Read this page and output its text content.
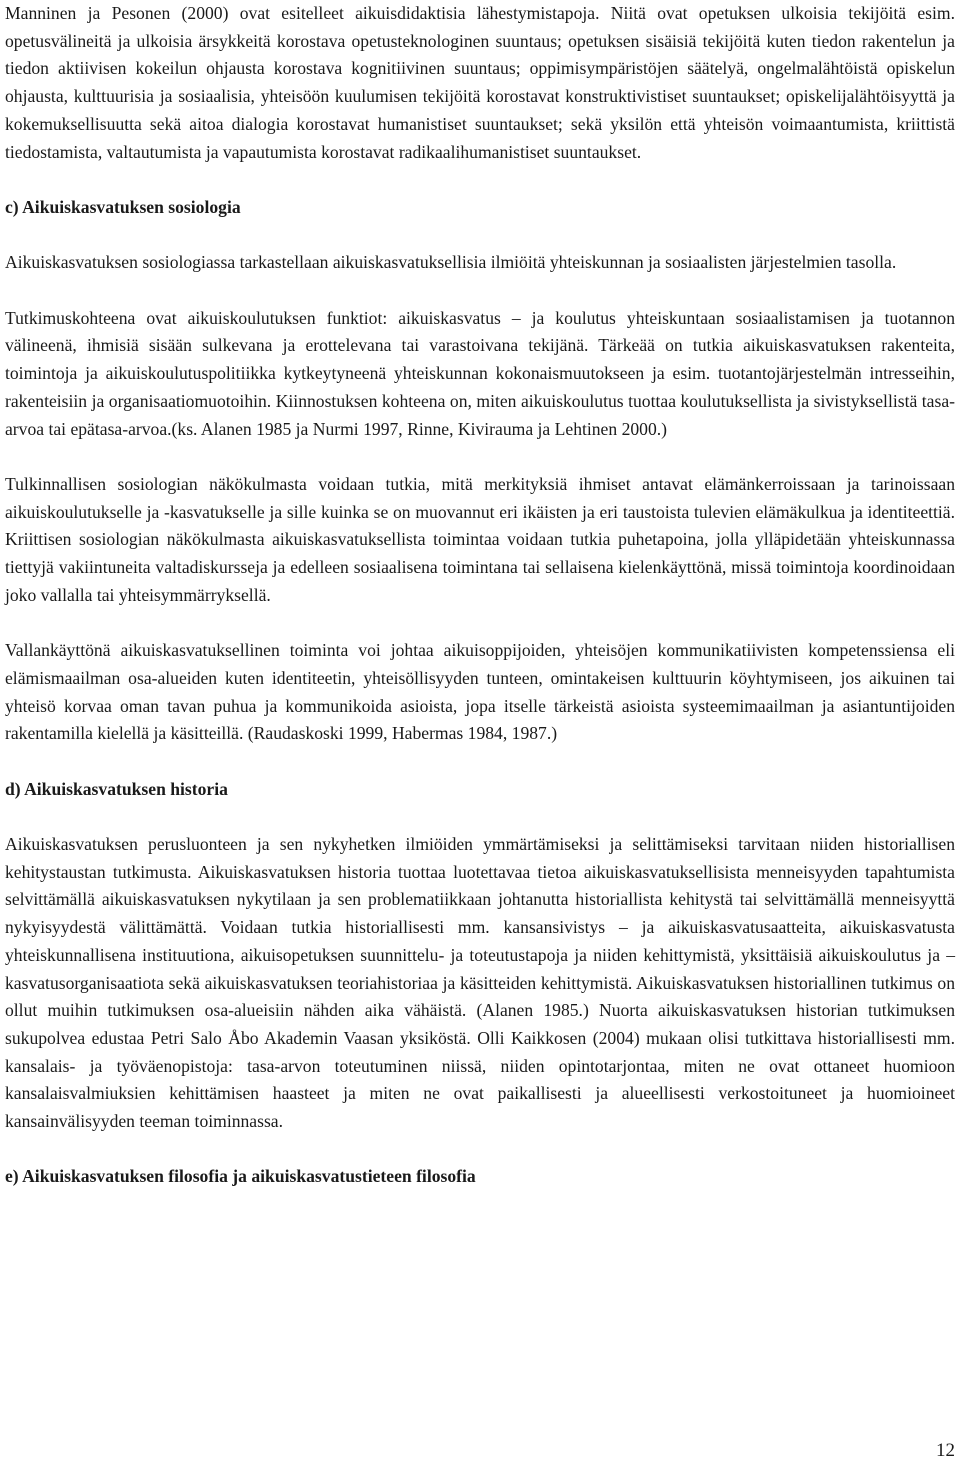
Manninen ja Pesonen (2000) ovat esitelleet aikuisdidaktisia lähestymistapoja. Niitä ovat opetuksen ulkoisia tekijöitä esim. opetusvälineitä ja ulkoisia ärsykkeitä korostava opetusteknologinen suuntaus; opetuksen sisäisiä tekijöitä kuten tiedon rakentelun ja tiedon aktiivisen kokeilun ohjausta korostava kognitiivinen suuntaus; oppimisympäristöjen säätelyä, ongelmalähtöistä opiskelun ohjausta, kulttuurisia ja sosiaalisia, yhteisöön kuulumisen tekijöitä korostavat konstruktivistiset suuntaukset; opiskelijalähtöisyyttä ja kokemuksellisuutta sekä aitoa dialogia korostavat humanistiset suuntaukset; sekä yksilön että yhteisön voimaantumista, kriittistä tiedostamista, valtautumista ja vapautumista korostavat radikaalihumanistiset suuntaukset.

c) Aikuiskasvatuksen sosiologia

Aikuiskasvatuksen sosiologiassa tarkastellaan aikuiskasvatuksellisia ilmiöitä yhteiskunnan ja sosiaalisten järjestelmien tasolla.

Tutkimuskohteena ovat aikuiskoulutuksen funktiot: aikuiskasvatus – ja koulutus yhteiskuntaan sosiaalistamisen ja tuotannon välineenä, ihmisiä sisään sulkevana ja erottelevana tai varastoivana tekijänä. Tärkeää on tutkia aikuiskasvatuksen rakenteita, toimintoja ja aikuiskoulutuspolitiikka kytkeytyneenä yhteiskunnan kokonaismuutokseen ja esim. tuotantojärjestelmän intresseihin, rakenteisiin ja organisaatiomuotoihin. Kiinnostuksen kohteena on, miten aikuiskoulutus tuottaa koulutuksellista ja sivistyksellistä tasa-arvoa tai epätasa-arvoa.(ks. Alanen 1985 ja Nurmi 1997, Rinne, Kivirauma ja Lehtinen 2000.)

Tulkinnallisen sosiologian näkökulmasta voidaan tutkia, mitä merkityksiä ihmiset antavat elämänkerroissaan ja tarinoissaan aikuiskoulutukselle ja -kasvatukselle ja sille kuinka se on muovannut eri ikäisten ja eri taustoista tulevien elämäkulkua ja identiteettiä. Kriittisen sosiologian näkökulmasta aikuiskasvatuksellista toimintaa voidaan tutkia puhetapoina, jolla ylläpidetään yhteiskunnassa tiettyjä vakiintuneita valtadiskursseja ja edelleen sosiaalisena toimintana tai sellaisena kielenkäyttönä, missä toimintoja koordinoidaan joko vallalla tai yhteisymmärryksellä.

Vallankäyttönä aikuiskasvatuksellinen toiminta voi johtaa aikuisoppijoiden, yhteisöjen kommunikatiivisten kompetenssiensa eli elämismaailman osa-alueiden kuten identiteetin, yhteisöllisyyden tunteen, omintakeisen kulttuurin köyhtymiseen, jos aikuinen tai yhteisö korvaa oman tavan puhua ja kommunikoida asioista, jopa itselle tärkeistä asioista systeemimaailman ja asiantuntijoiden rakentamilla kielellä ja käsitteillä. (Raudaskoski 1999, Habermas 1984, 1987.)

d) Aikuiskasvatuksen historia

Aikuiskasvatuksen perusluonteen ja sen nykyhetken ilmiöiden ymmärtämiseksi ja selittämiseksi tarvitaan niiden historiallisen kehitystaustan tutkimusta. Aikuiskasvatuksen historia tuottaa luotettavaa tietoa aikuiskasvatuksellisista menneisyyden tapahtumista selvittämällä aikuiskasvatuksen nykytilaan ja sen problematiikkaan johtanutta historiallista kehitystä tai selvittämällä menneisyyttä nykyisyydestä välittämättä. Voidaan tutkia historiallisesti mm. kansansivistys – ja aikuiskasvatusaatteita, aikuiskasvatusta yhteiskunnallisena instituutiona, aikuisopetuksen suunnittelu- ja toteutustapoja ja niiden kehittymistä, yksittäisiä aikuiskoulutus ja – kasvatusorganisaatiota sekä aikuiskasvatuksen teoriahistoriaa ja käsitteiden kehittymistä. Aikuiskasvatuksen historiallinen tutkimus on ollut muihin tutkimuksen osa-alueisiin nähden aika vähäistä. (Alanen 1985.) Nuorta aikuiskasvatuksen historian tutkimuksen sukupolvea edustaa Petri Salo Åbo Akademin Vaasan yksiköstä. Olli Kaikkosen (2004) mukaan olisi tutkittava historiallisesti mm. kansalais- ja työväenopistoja: tasa-arvon toteutuminen niissä, niiden opintotarjontaa, miten ne ovat ottaneet huomioon kansalaisvalmiuksien kehittämisen haasteet ja miten ne ovat paikallisesti ja alueellisesti verkostoituneet ja huomioineet kansainvälisyyden teeman toiminnassa.

e) Aikuiskasvatuksen filosofia ja aikuiskasvatustieteen filosofia

12
